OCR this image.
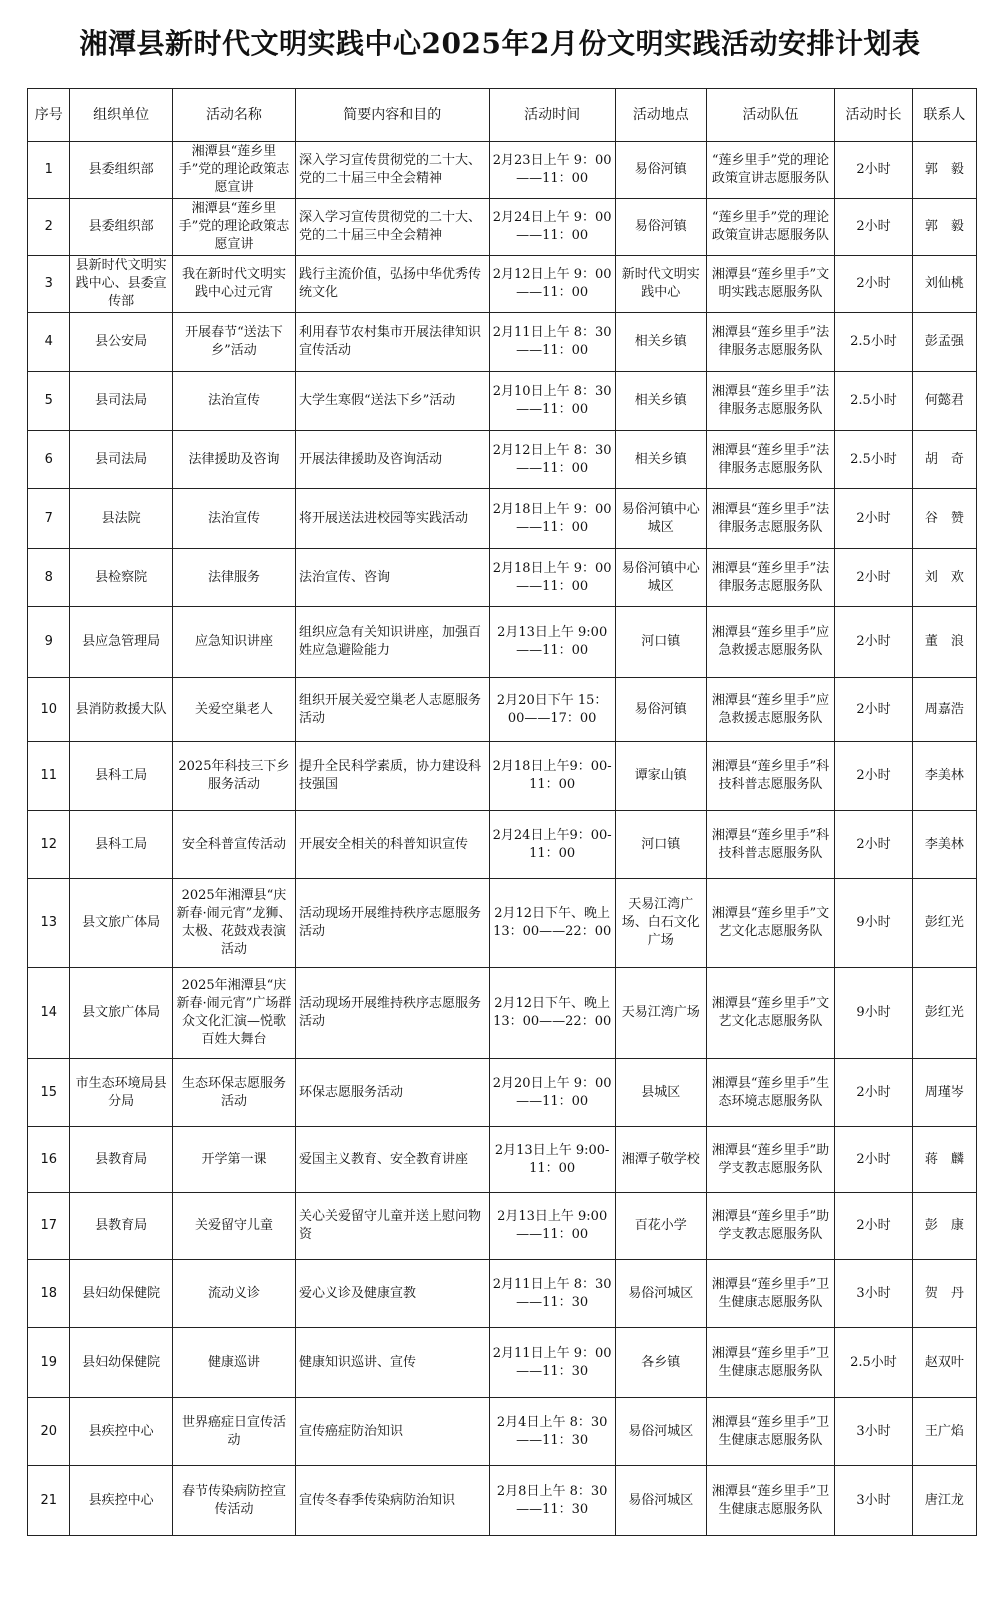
湘潭县新时代文明实践中心2025年2月份文明实践活动安排计划表
序号	组织单位	活动名称	简要内容和目的	活动时间	活动地点	活动队伍	活动时长	联系人
1	县委组织部	湘潭县“莲乡里手”党的理论政策志愿宣讲	深入学习宣传贯彻党的二十大、党的二十届三中全会精神	2月23日上午 9：00——11：00	易俗河镇	“莲乡里手”党的理论政策宣讲志愿服务队	2小时	郭　毅
2	县委组织部	湘潭县“莲乡里手”党的理论政策志愿宣讲	深入学习宣传贯彻党的二十大、党的二十届三中全会精神	2月24日上午 9：00——11：00	易俗河镇	“莲乡里手”党的理论政策宣讲志愿服务队	2小时	郭　毅
3	县新时代文明实践中心、县委宣传部	我在新时代文明实践中心过元宵	践行主流价值，弘扬中华优秀传统文化	2月12日上午 9：00——11：00	新时代文明实践中心	湘潭县“莲乡里手”文明实践志愿服务队	2小时	刘仙桃
4	县公安局	开展春节“送法下乡”活动	利用春节农村集市开展法律知识宣传活动	2月11日上午 8：30——11：00	相关乡镇	湘潭县“莲乡里手”法律服务志愿服务队	2.5小时	彭孟强
5	县司法局	法治宣传	大学生寒假“送法下乡”活动	2月10日上午 8：30——11：00	相关乡镇	湘潭县“莲乡里手”法律服务志愿服务队	2.5小时	何懿君
6	县司法局	法律援助及咨询	开展法律援助及咨询活动	2月12日上午 8：30——11：00	相关乡镇	湘潭县“莲乡里手”法律服务志愿服务队	2.5小时	胡　奇
7	县法院	法治宣传	将开展送法进校园等实践活动	2月18日上午 9：00——11：00	易俗河镇中心城区	湘潭县“莲乡里手”法律服务志愿服务队	2小时	谷　赞
8	县检察院	法律服务	法治宣传、咨询	2月18日上午 9：00——11：00	易俗河镇中心城区	湘潭县“莲乡里手”法律服务志愿服务队	2小时	刘　欢
9	县应急管理局	应急知识讲座	组织应急有关知识讲座，加强百姓应急避险能力	2月13日上午 9:00——11：00	河口镇	湘潭县“莲乡里手”应急救援志愿服务队	2小时	董　浪
10	县消防救援大队	关爱空巢老人	组织开展关爱空巢老人志愿服务活动	2月20日下午 15：00——17：00	易俗河镇	湘潭县“莲乡里手”应急救援志愿服务队	2小时	周嘉浩
11	县科工局	2025年科技三下乡服务活动	提升全民科学素质，协力建设科技强国	2月18日上午9：00-11：00	谭家山镇	湘潭县“莲乡里手”科技科普志愿服务队	2小时	李美林
12	县科工局	安全科普宣传活动	开展安全相关的科普知识宣传	2月24日上午9：00-11：00	河口镇	湘潭县“莲乡里手”科技科普志愿服务队	2小时	李美林
13	县文旅广体局	2025年湘潭县“庆新春·闹元宵”龙狮、太极、花鼓戏表演活动	活动现场开展维持秩序志愿服务活动	2月12日下午、晚上13：00——22：00	天易江湾广场、白石文化广场	湘潭县“莲乡里手”文艺文化志愿服务队	9小时	彭红光
14	县文旅广体局	2025年湘潭县“庆新春·闹元宵”广场群众文化汇演—悦歌百姓大舞台	活动现场开展维持秩序志愿服务活动	2月12日下午、晚上13：00——22：00	天易江湾广场	湘潭县“莲乡里手”文艺文化志愿服务队	9小时	彭红光
15	市生态环境局县分局	生态环保志愿服务活动	环保志愿服务活动	2月20日上午 9：00——11：00	县城区	湘潭县“莲乡里手”生态环境志愿服务队	2小时	周瑾岑
16	县教育局	开学第一课	爱国主义教育、安全教育讲座	2月13日上午 9:00-11：00	湘潭子敬学校	湘潭县“莲乡里手”助学支教志愿服务队	2小时	蒋　麟
17	县教育局	关爱留守儿童	关心关爱留守儿童并送上慰问物资	2月13日上午 9:00——11：00	百花小学	湘潭县“莲乡里手”助学支教志愿服务队	2小时	彭　康
18	县妇幼保健院	流动义诊	爱心义诊及健康宣教	2月11日上午 8：30——11：30	易俗河城区	湘潭县“莲乡里手”卫生健康志愿服务队	3小时	贺　丹
19	县妇幼保健院	健康巡讲	健康知识巡讲、宣传	2月11日上午 9：00——11：30	各乡镇	湘潭县“莲乡里手”卫生健康志愿服务队	2.5小时	赵双叶
20	县疾控中心	世界癌症日宣传活动	宣传癌症防治知识	2月4日上午 8：30——11：30	易俗河城区	湘潭县“莲乡里手”卫生健康志愿服务队	3小时	王广焰
21	县疾控中心	春节传染病防控宣传活动	宣传冬春季传染病防治知识	2月8日上午 8：30——11：30	易俗河城区	湘潭县“莲乡里手”卫生健康志愿服务队	3小时	唐江龙
